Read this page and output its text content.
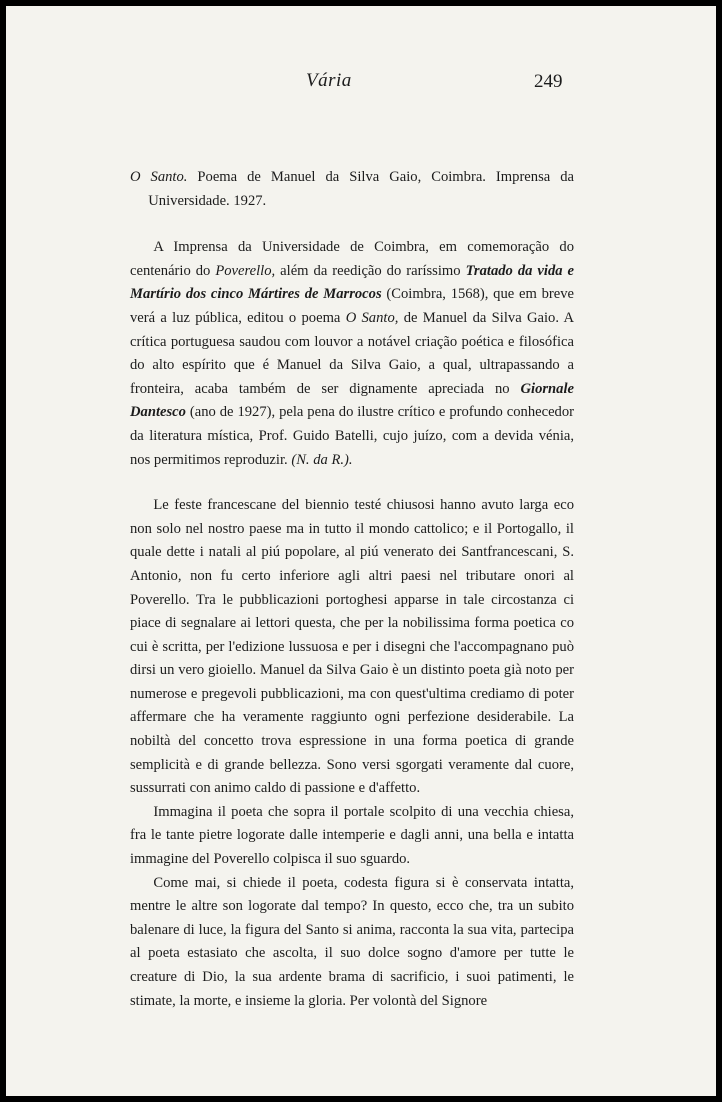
Vária	249

O Santo. Poema de Manuel da Silva Gaio, Coimbra. Imprensa da Universidade. 1927.

A Imprensa da Universidade de Coimbra, em comemoração do centenário do Poverello, além da reedição do raríssimo Tratado da vida e Martírio dos cinco Mártires de Marrocos (Coimbra, 1568), que em breve verá a luz pública, editou o poema O Santo, de Manuel da Silva Gaio. A crítica portuguesa saudou com louvor a notável criação poética e filosófica do alto espírito que é Manuel da Silva Gaio, a qual, ultrapassando a fronteira, acaba também de ser dignamente apreciada no Giornale Dantesco (ano de 1927), pela pena do ilustre crítico e profundo conhecedor da literatura mística, Prof. Guido Batelli, cujo juízo, com a devida vénia, nos permitimos reproduzir. (N. da R.).

Le feste francescane del biennio testé chiusosi hanno avuto larga eco non solo nel nostro paese ma in tutto il mondo cattolico; e il Portogallo, il quale dette i natali al piú popolare, al piú venerato dei Santfrancescani, S. Antonio, non fu certo inferiore agli altri paesi nel tributare onori al Poverello. Tra le pubblicazioni portoghesi apparse in tale circostanza ci piace di segnalare ai lettori questa, che per la nobilissima forma poetica co cui è scritta, per l'edizione lussuosa e per i disegni che l'accompagnano può dirsi un vero gioiello. Manuel da Silva Gaio è un distinto poeta già noto per numerose e pregevoli pubblicazioni, ma con quest'ultima crediamo di poter affermare che ha veramente raggiunto ogni perfezione desiderabile. La nobiltà del concetto trova espressione in una forma poetica di grande semplicità e di grande bellezza. Sono versi sgorgati veramente dal cuore, sussurrati con animo caldo di passione e d'affetto.

Immagina il poeta che sopra il portale scolpito di una vecchia chiesa, fra le tante pietre logorate dalle intemperie e dagli anni, una bella e intatta immagine del Poverello colpisca il suo sguardo.

Come mai, si chiede il poeta, codesta figura si è conservata intatta, mentre le altre son logorate dal tempo? In questo, ecco che, tra un subito balenare di luce, la figura del Santo si anima, racconta la sua vita, partecipa al poeta estasiato che ascolta, il suo dolce sogno d'amore per tutte le creature di Dio, la sua ardente brama di sacrificio, i suoi patimenti, le stimate, la morte, e insieme la gloria. Per volontà del Signore
